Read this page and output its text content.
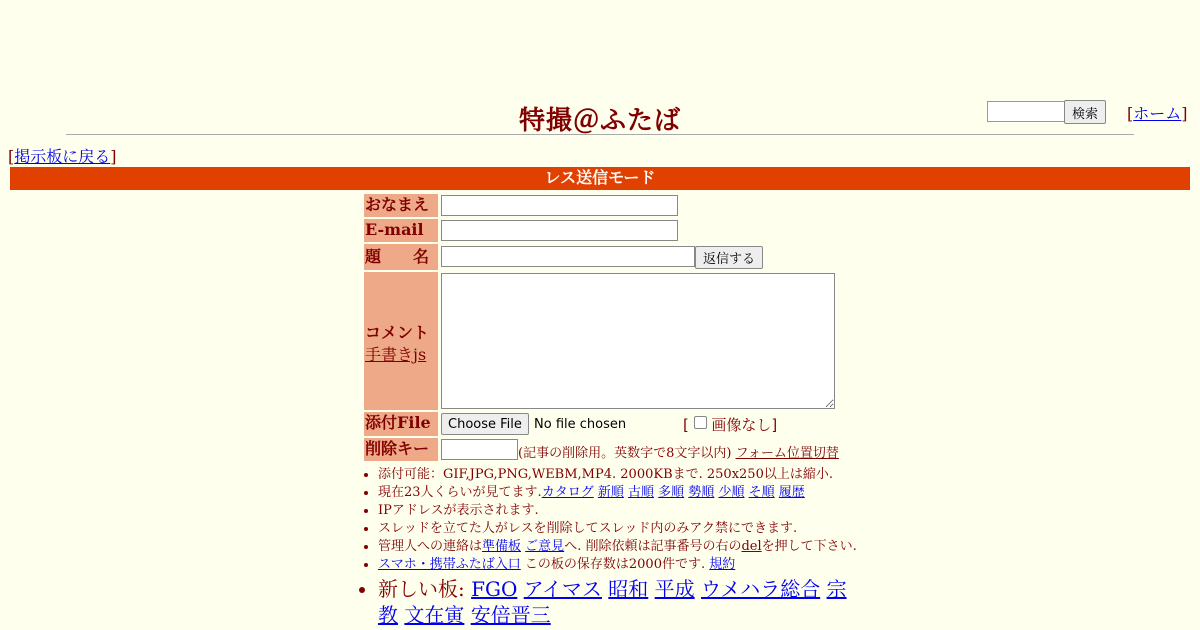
特撮＠ふたば	検索	[ホーム]
[掲示板に戻る]
レス送信モード
おなまえ
E-mail
題　　名	返信する
コメント
手書きjs
添付File	Choose File No file chosen	[  画像なし]
削除キー	(記事の削除用。英数字で8文字以内) フォーム位置切替
• 添付可能：GIF,JPG,PNG,WEBM,MP4. 2000KBまで. 250x250以上は縮小.
• 現在23人くらいが見てます.カタログ 新順 古順 多順 勢順 少順 そ順 履歴
• IPアドレスが表示されます.
• スレッドを立てた人がレスを削除してスレッド内のみアク禁にできます.
• 管理人への連絡は準備板 ご意見へ. 削除依頼は記事番号の右のdelを押して下さい.
• スマホ・携帯ふたば入口 この板の保存数は2000件です. 規約
• 新しい板: FGO アイマス 昭和 平成 ウメハラ総合 宗教 文在寅 安倍晋三
